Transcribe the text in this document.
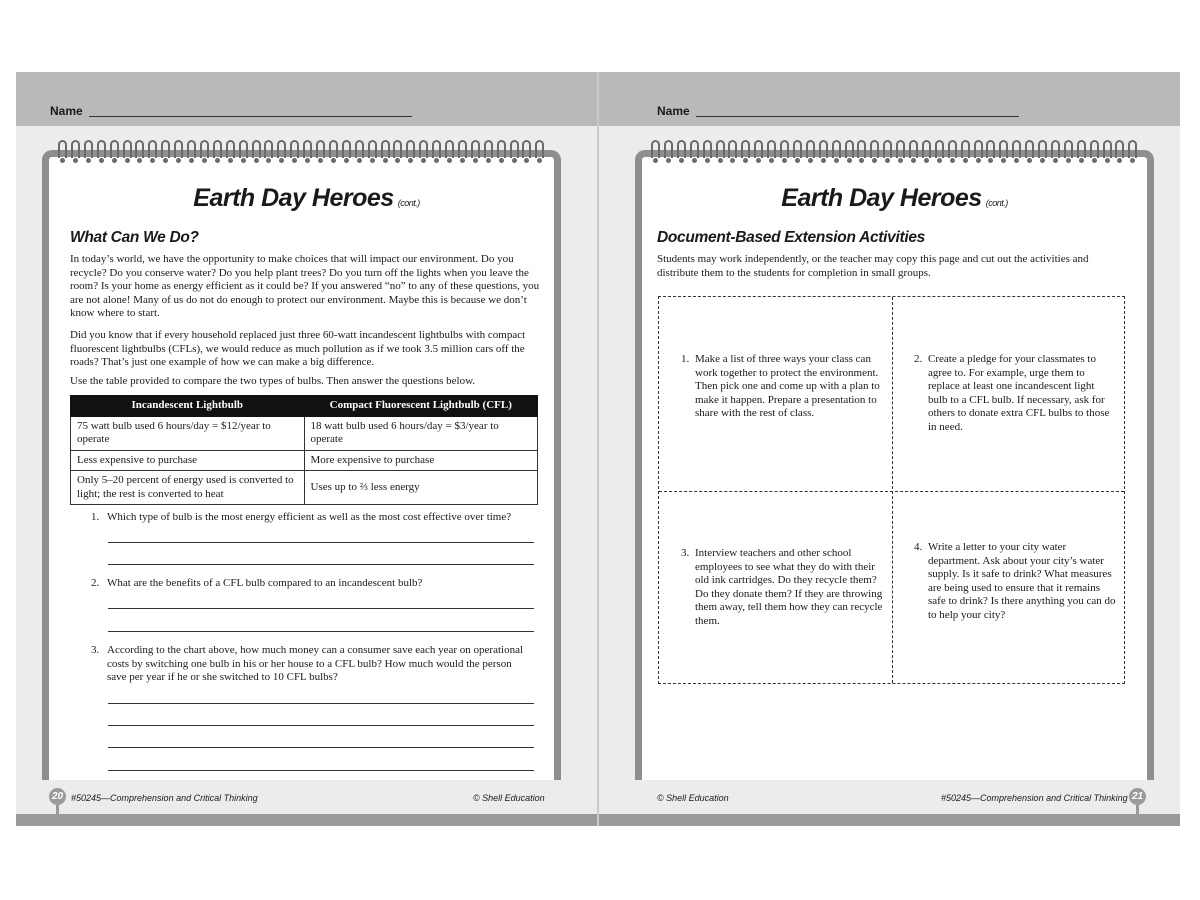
Name
Earth Day Heroes (cont.)
What Can We Do?

In today’s world, we have the opportunity to make choices that will impact our environment. Do you recycle? Do you conserve water? Do you help plant trees? Do you turn off the lights when you leave the room? Is your home as energy efficient as it could be? If you answered “no” to any of these questions, you are not alone! Many of us do not do enough to protect our environment. Maybe this is because we don’t know where to start.

Did you know that if every household replaced just three 60-watt incandescent lightbulbs with compact fluorescent lightbulbs (CFLs), we would reduce as much pollution as if we took 3.5 million cars off the roads? That’s just one example of how we can make a big difference.

Use the table provided to compare the two types of bulbs. Then answer the questions below.

Incandescent Lightbulb	Compact Fluorescent Lightbulb (CFL)
75 watt bulb used 6 hours/day = $12/year to operate	18 watt bulb used 6 hours/day = $3/year to operate
Less expensive to purchase	More expensive to purchase
Only 5–20 percent of energy used is converted to light; the rest is converted to heat	Uses up to ⅔ less energy
1. Which type of bulb is the most energy efficient as well as the most cost effective over time?

2. What are the benefits of a CFL bulb compared to an incandescent bulb?

3. According to the chart above, how much money can a consumer save each year on operational costs by switching one bulb in his or her house to a CFL bulb? How much would the person save per year if he or she switched to 10 CFL bulbs?

20 #50245—Comprehension and Critical Thinking	© Shell Education
Name
Earth Day Heroes (cont.)
Document-Based Extension Activities

Students may work independently, or the teacher may copy this page and cut out the activities and distribute them to the students for completion in small groups.

1. Make a list of three ways your class can work together to protect the environment. Then pick one and come up with a plan to make it happen. Prepare a presentation to share with the rest of class.
2. Create a pledge for your classmates to agree to. For example, urge them to replace at least one incandescent light bulb to a CFL bulb. If necessary, ask for others to donate extra CFL bulbs to those in need.
3. Interview teachers and other school employees to see what they do with their old ink cartridges. Do they recycle them? Do they donate them? If they are throwing them away, tell them how they can recycle them.
4. Write a letter to your city water department. Ask about your city’s water supply. Is it safe to drink? What measures are being used to ensure that it remains safe to drink? Is there anything you can do to help your city?
© Shell Education	#50245—Comprehension and Critical Thinking 21
